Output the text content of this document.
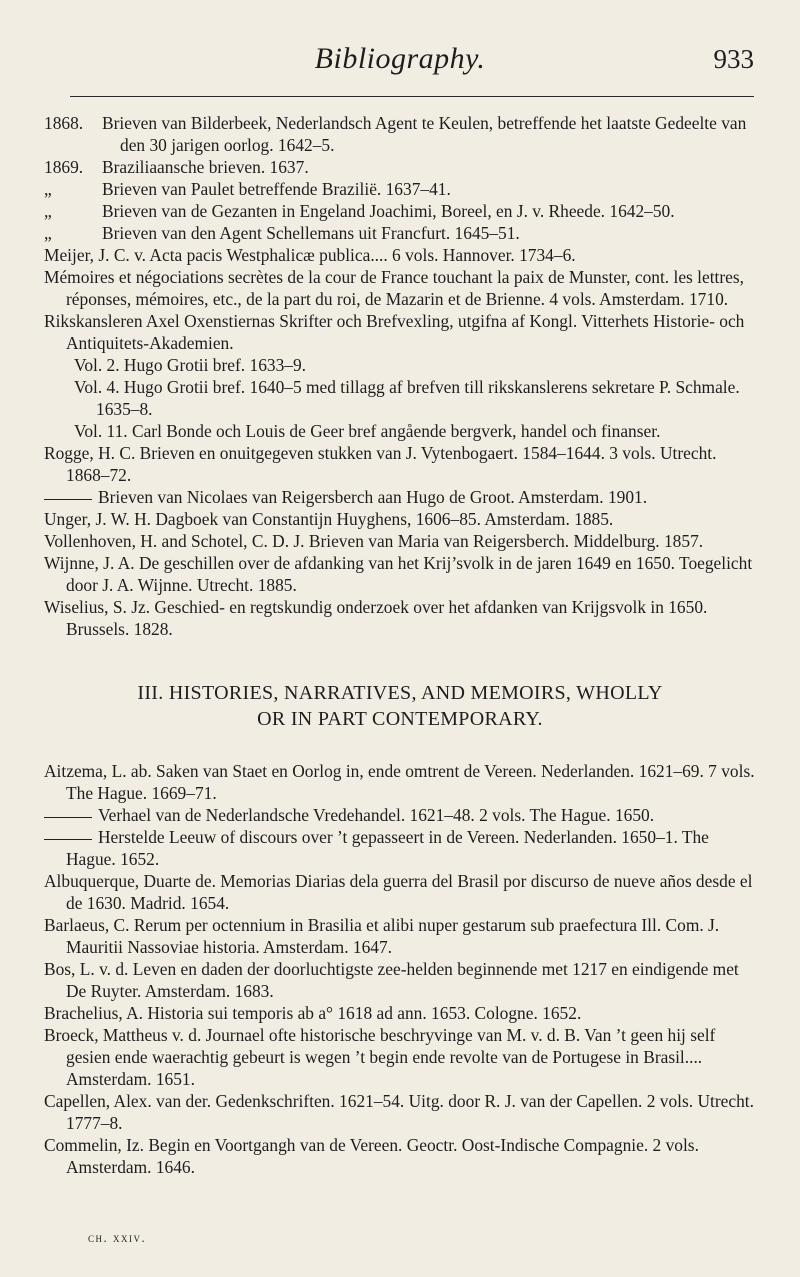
Bibliography.	933
1868.	Brieven van Bilderbeek, Nederlandsch Agent te Keulen, betreffende het laatste Gedeelte van den 30 jarigen oorlog. 1642–5.
1869.	Braziliaansche brieven. 1637.
„	Brieven van Paulet betreffende Brazilië. 1637–41.
„	Brieven van de Gezanten in Engeland Joachimi, Boreel, en J. v. Rheede. 1642–50.
„	Brieven van den Agent Schellemans uit Francfurt. 1645–51.
Meijer, J. C. v. Acta pacis Westphalicæ publica.... 6 vols. Hannover. 1734–6.
Mémoires et négociations secrètes de la cour de France touchant la paix de Munster, cont. les lettres, réponses, mémoires, etc., de la part du roi, de Mazarin et de Brienne. 4 vols. Amsterdam. 1710.
Rikskansleren Axel Oxenstiernas Skrifter och Brefvexling, utgifna af Kongl. Vitterhets Historie- och Antiquitets-Akademien.
Vol. 2. Hugo Grotii bref. 1633–9.
Vol. 4. Hugo Grotii bref. 1640–5 med tillagg af brefven till rikskanslerens sekretare P. Schmale. 1635–8.
Vol. 11. Carl Bonde och Louis de Geer bref angående bergverk, handel och finanser.
Rogge, H. C. Brieven en onuitgegeven stukken van J. Vytenbogaert. 1584–1644. 3 vols. Utrecht. 1868–72.
Brieven van Nicolaes van Reigersberch aan Hugo de Groot. Amsterdam. 1901.
Unger, J. W. H. Dagboek van Constantijn Huyghens, 1606–85. Amsterdam. 1885.
Vollenhoven, H. and Schotel, C. D. J. Brieven van Maria van Reigersberch. Middelburg. 1857.
Wijnne, J. A. De geschillen over de afdanking van het Krij’svolk in de jaren 1649 en 1650. Toegelicht door J. A. Wijnne. Utrecht. 1885.
Wiselius, S. Jz. Geschied- en regtskundig onderzoek over het afdanken van Krijgsvolk in 1650. Brussels. 1828.
III. HISTORIES, NARRATIVES, AND MEMOIRS, WHOLLY
OR IN PART CONTEMPORARY.
Aitzema, L. ab. Saken van Staet en Oorlog in, ende omtrent de Vereen. Nederlanden. 1621–69. 7 vols. The Hague. 1669–71.
Verhael van de Nederlandsche Vredehandel. 1621–48. 2 vols. The Hague. 1650.
Herstelde Leeuw of discours over ’t gepasseert in de Vereen. Nederlanden. 1650–1. The Hague. 1652.
Albuquerque, Duarte de. Memorias Diarias dela guerra del Brasil por discurso de nueve años desde el de 1630. Madrid. 1654.
Barlaeus, C. Rerum per octennium in Brasilia et alibi nuper gestarum sub praefectura Ill. Com. J. Mauritii Nassoviae historia. Amsterdam. 1647.
Bos, L. v. d. Leven en daden der doorluchtigste zee-helden beginnende met 1217 en eindigende met De Ruyter. Amsterdam. 1683.
Brachelius, A. Historia sui temporis ab a° 1618 ad ann. 1653. Cologne. 1652.
Broeck, Mattheus v. d. Journael ofte historische beschryvinge van M. v. d. B. Van ’t geen hij self gesien ende waerachtig gebeurt is wegen ’t begin ende revolte van de Portugese in Brasil.... Amsterdam. 1651.
Capellen, Alex. van der. Gedenkschriften. 1621–54. Uitg. door R. J. van der Capellen. 2 vols. Utrecht. 1777–8.
Commelin, Iz. Begin en Voortgangh van de Vereen. Geoctr. Oost-Indische Compagnie. 2 vols. Amsterdam. 1646.
ch. xxiv.
